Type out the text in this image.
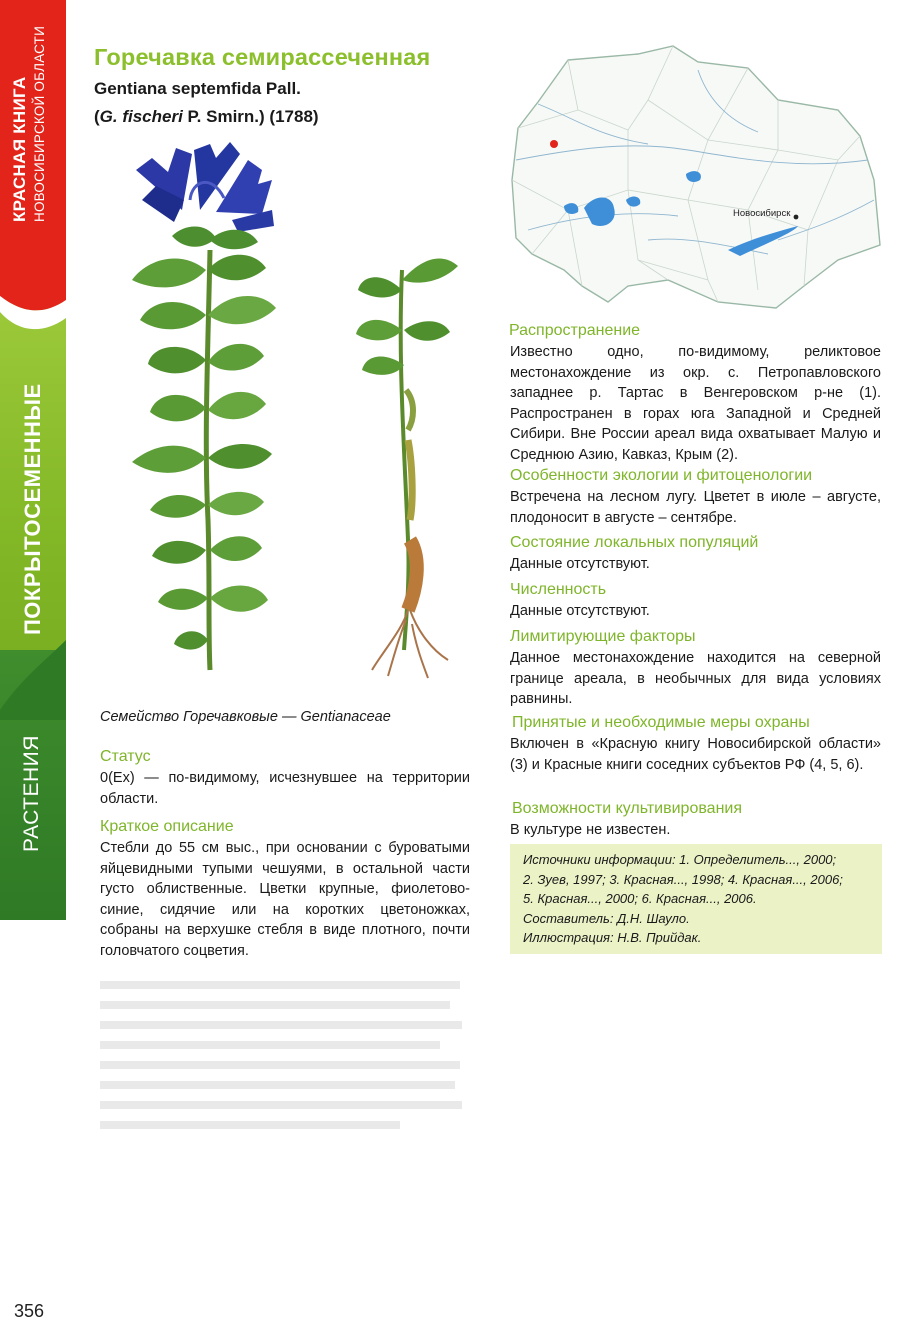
КРАСНАЯ КНИГА НОВОСИБИРСКОЙ ОБЛАСТИ
ПОКРЫТОСЕМЕННЫЕ
РАСТЕНИЯ
356
Горечавка семирассеченная
Gentiana septemfida Pall.
(G. fischeri P. Smirn.) (1788)
Новосибирск
Семейство Горечавковые — Gentianaceae
Статус

0(Ex) — по-видимому, исчезнувшее на территории области.

Краткое описание

Стебли до 55 см выс., при основании с буроватыми яйцевидными тупыми чешуями, в остальной части густо облиственные. Цветки крупные, фиолетово-синие, сидячие или на коротких цветоножках, собраны на верхушке стебля в виде плотного, почти головчатого соцветия.

Распространение

Известно одно, по-видимому, реликтовое местонахождение из окр. с. Петропавловского западнее р. Тартас в Венгеровском р-не (1). Распространен в горах юга Западной и Средней Сибири. Вне России ареал вида охватывает Малую и Среднюю Азию, Кавказ, Крым (2).

Особенности экологии и фитоценологии

Встречена на лесном лугу. Цветет в июле – августе, плодоносит в августе – сентябре.

Состояние локальных популяций

Данные отсутствуют.

Численность

Данные отсутствуют.

Лимитирующие факторы

Данное местонахождение находится на северной границе ареала, в необычных для вида условиях равнины.

Принятые и необходимые меры охраны

Включен в «Красную книгу Новосибирской области» (3) и Красные книги соседних субъектов РФ (4, 5, 6).

Возможности культивирования

В культуре не известен.

Источники информации: 1. Определитель..., 2000;

2. Зуев, 1997; 3. Красная..., 1998; 4. Красная..., 2006;

5. Красная..., 2000; 6. Красная..., 2006.

Составитель: Д.Н. Шауло.

Иллюстрация: Н.В. Прийдак.
